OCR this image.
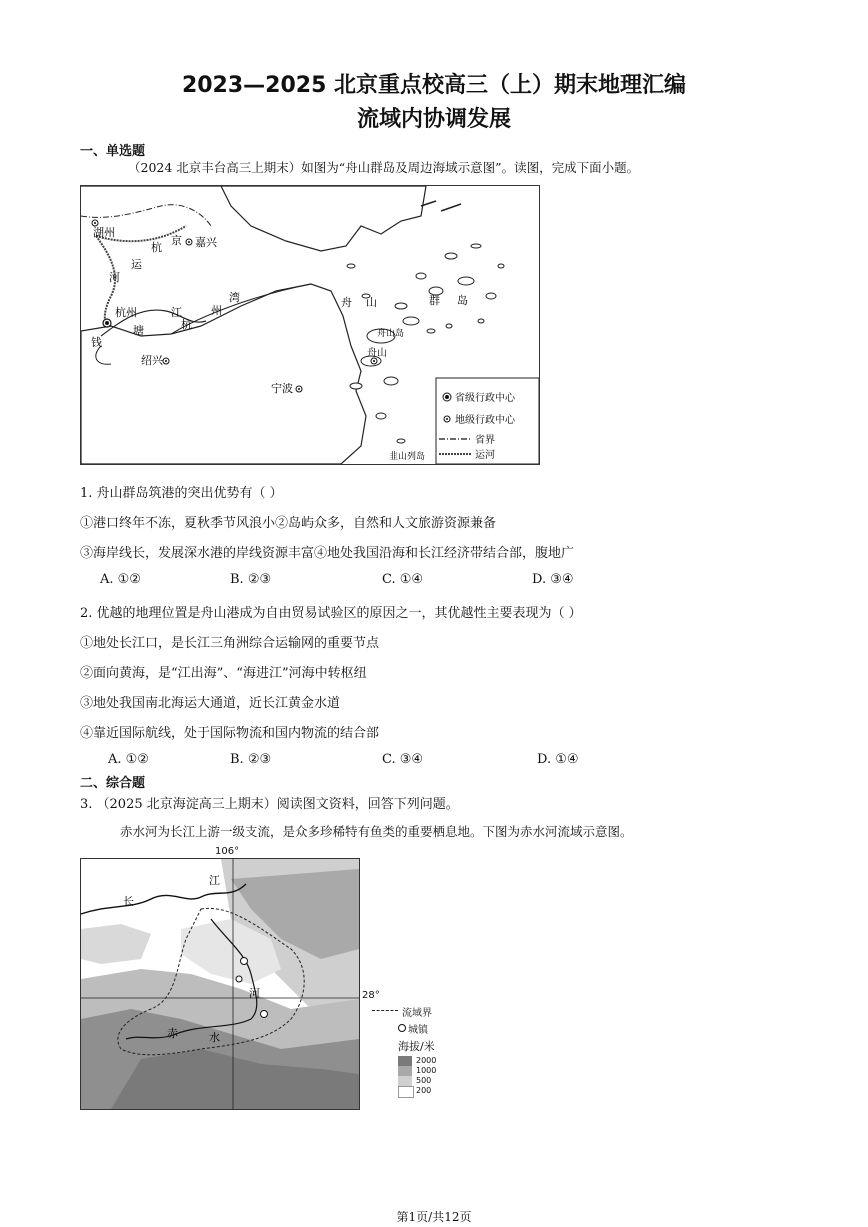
2023—2025 北京重点校高三（上）期末地理汇编
流域内协调发展
一、单选题
（2024 北京丰台高三上期末）如图为“舟山群岛及周边海域示意图”。读图，完成下面小题。
湖州
杭
京 嘉兴
运
河
杭州
钱
塘
江
绍兴
杭
州
湾
宁波
舟 山	群 岛
舟山岛
舟山
韭山列岛
省级行政中心
地级行政中心
省界
运河
1. 舟山群岛筑港的突出优势有（ ）
①港口终年不冻，夏秋季节风浪小②岛屿众多，自然和人文旅游资源兼备
③海岸线长，发展深水港的岸线资源丰富④地处我国沿海和长江经济带结合部，腹地广
A. ①②	B. ②③	C. ①④	D. ③④
2. 优越的地理位置是舟山港成为自由贸易试验区的原因之一，其优越性主要表现为（ ）
①地处长江口，是长江三角洲综合运输网的重要节点
②面向黄海，是“江出海”、“海进江”河海中转枢纽
③地处我国南北海运大通道，近长江黄金水道
④靠近国际航线，处于国际物流和国内物流的结合部
A. ①②	B. ②③	C. ③④	D. ①④
二、综合题
3. （2025 北京海淀高三上期末）阅读图文资料，回答下列问题。
赤水河为长江上游一级支流，是众多珍稀特有鱼类的重要栖息地。下图为赤水河流域示意图。
长
江
赤	水
河
106°
28°
流域界
城镇
海拔/米
2000
1000
500
200
第1页/共12页
